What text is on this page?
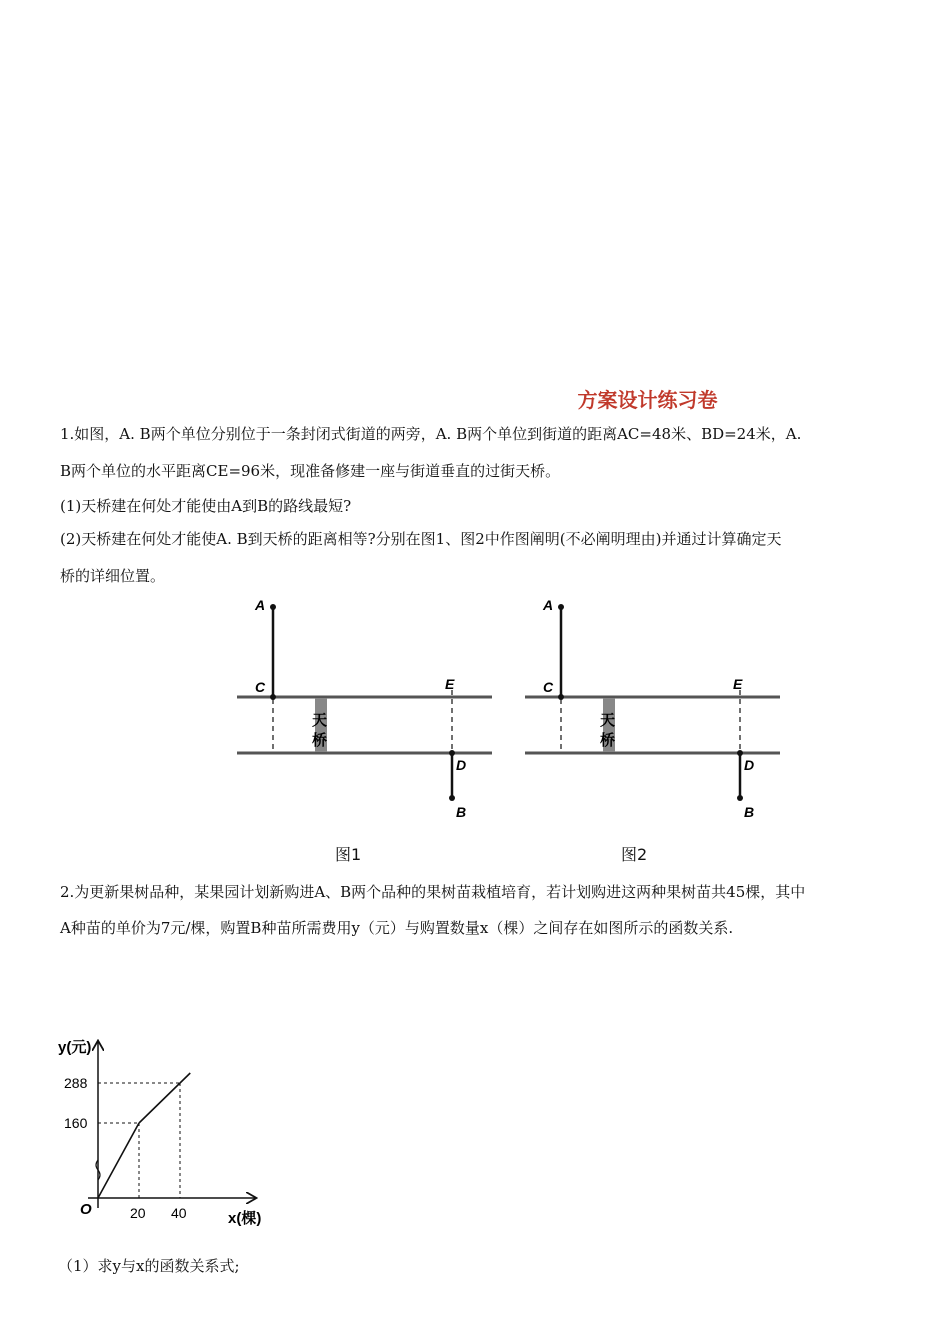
方案设计练习卷
1.如图，A. B两个单位分别位于一条封闭式街道的两旁，A. B两个单位到街道的距离AC=48米、BD=24米，A.
B两个单位的水平距离CE=96米，现准备修建一座与街道垂直的过街天桥。
(1)天桥建在何处才能使由A到B的路线最短?
(2)天桥建在何处才能使A. B到天桥的距离相等?分别在图1、图2中作图阐明(不必阐明理由)并通过计算确定天
桥的详细位置。
A
C	E
D
B
天
桥
图1
A
C	E
D
B
天
桥
图2
2.为更新果树品种，某果园计划新购进A、B两个品种的果树苗栽植培育，若计划购进这两种果树苗共45棵，其中
A种苗的单价为7元/棵，购置B种苗所需费用y（元）与购置数量x（棵）之间存在如图所示的函数关系.
y(元)
x(棵)
O	20 40
160
288
（1）求y与x的函数关系式;
